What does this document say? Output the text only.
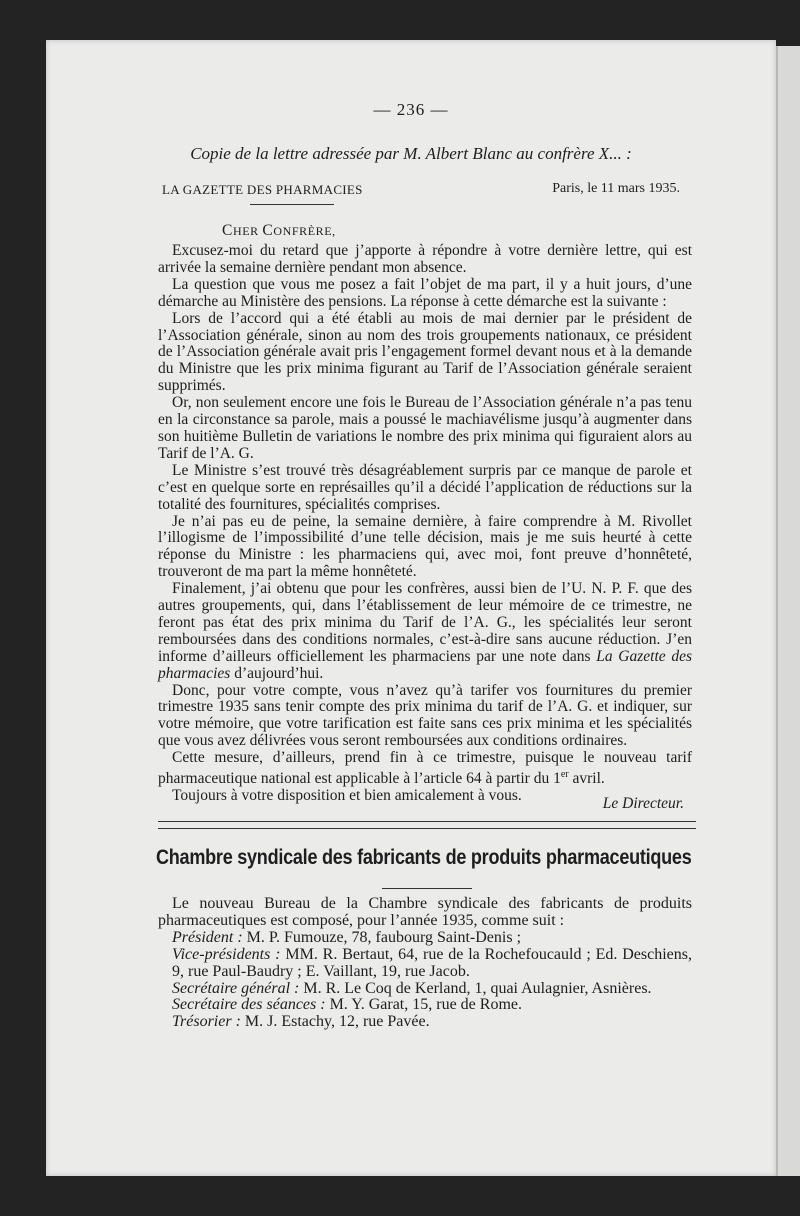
— 236 —
Copie de la lettre adressée par M. Albert Blanc au confrère X... :
LA GAZETTE DES PHARMACIES	Paris, le 11 mars 1935.
CHER CONFRÈRE,

Excusez-moi du retard que j’apporte à répondre à votre dernière lettre, qui est arrivée la semaine dernière pendant mon absence.

La question que vous me posez a fait l’objet de ma part, il y a huit jours, d’une démarche au Ministère des pensions. La réponse à cette démarche est la suivante :

Lors de l’accord qui a été établi au mois de mai dernier par le président de l’Association générale, sinon au nom des trois groupements nationaux, ce président de l’Association générale avait pris l’engagement formel devant nous et à la demande du Ministre que les prix minima figurant au Tarif de l’Association générale seraient supprimés.

Or, non seulement encore une fois le Bureau de l’Association générale n’a pas tenu en la circonstance sa parole, mais a poussé le machiavélisme jusqu’à augmenter dans son huitième Bulletin de variations le nombre des prix minima qui figuraient alors au Tarif de l’A. G.

Le Ministre s’est trouvé très désagréablement surpris par ce manque de parole et c’est en quelque sorte en représailles qu’il a décidé l’application de réductions sur la totalité des fournitures, spécialités comprises.

Je n’ai pas eu de peine, la semaine dernière, à faire comprendre à M. Rivollet l’illogisme de l’impossibilité d’une telle décision, mais je me suis heurté à cette réponse du Ministre : les pharmaciens qui, avec moi, font preuve d’honnêteté, trouveront de ma part la même honnêteté.

Finalement, j’ai obtenu que pour les confrères, aussi bien de l’U. N. P. F. que des autres groupements, qui, dans l’établissement de leur mémoire de ce trimestre, ne feront pas état des prix minima du Tarif de l’A. G., les spécialités leur seront remboursées dans des conditions normales, c’est-à-dire sans aucune réduction. J’en informe d’ailleurs officiellement les pharmaciens par une note dans La Gazette des pharmacies d’aujourd’hui.

Donc, pour votre compte, vous n’avez qu’à tarifer vos fournitures du premier trimestre 1935 sans tenir compte des prix minima du tarif de l’A. G. et indiquer, sur votre mémoire, que votre tarification est faite sans ces prix minima et les spécialités que vous avez délivrées vous seront remboursées aux conditions ordinaires.

Cette mesure, d’ailleurs, prend fin à ce trimestre, puisque le nouveau tarif pharmaceutique national est applicable à l’article 64 à partir du 1er avril.

Toujours à votre disposition et bien amicalement à vous.	Le Directeur.
Chambre syndicale des fabricants de produits pharmaceutiques

Le nouveau Bureau de la Chambre syndicale des fabricants de produits pharmaceutiques est composé, pour l’année 1935, comme suit :

Président : M. P. Fumouze, 78, faubourg Saint-Denis ;

Vice-présidents : MM. R. Bertaut, 64, rue de la Rochefoucauld ; Ed. Deschiens, 9, rue Paul-Baudry ; E. Vaillant, 19, rue Jacob.

Secrétaire général : M. R. Le Coq de Kerland, 1, quai Aulagnier, Asnières.

Secrétaire des séances : M. Y. Garat, 15, rue de Rome.

Trésorier : M. J. Estachy, 12, rue Pavée.
